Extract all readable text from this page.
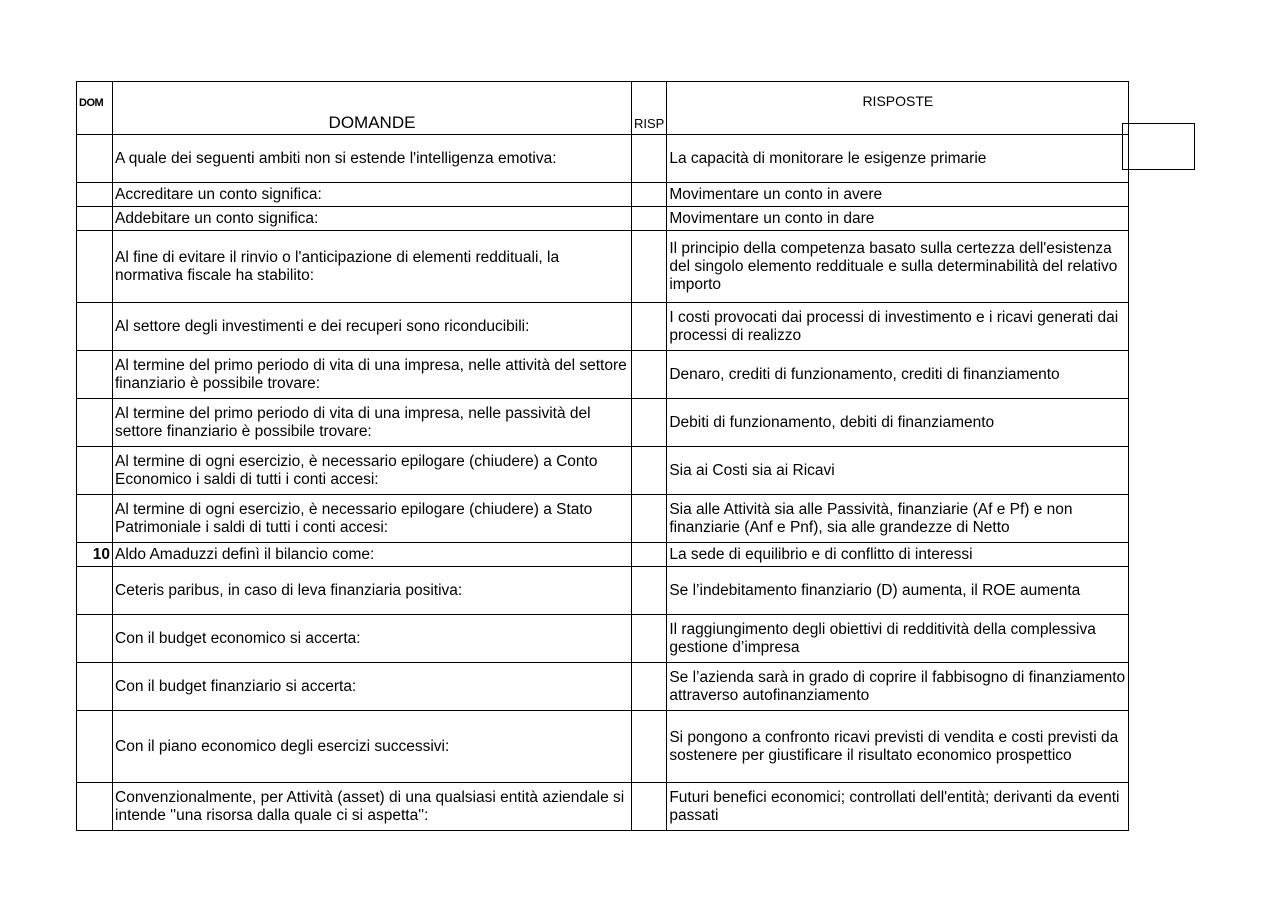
DOM	DOMANDE	RISP	RISPOSTE
	A quale dei seguenti ambiti non si estende l'intelligenza emotiva:		La capacità di monitorare le esigenze primarie
	Accreditare un conto significa:		Movimentare un conto in avere
	Addebitare un conto significa:		Movimentare un conto in dare
	Al fine di evitare il rinvio o l'anticipazione di elementi reddituali, la normativa fiscale ha stabilito:		Il principio della competenza basato sulla certezza dell'esistenza del singolo elemento reddituale e sulla determinabilità del relativo importo
	Al settore degli investimenti e dei recuperi sono riconducibili:		I costi provocati dai processi di investimento e i ricavi generati dai processi di realizzo
	Al termine del primo periodo di vita di una impresa, nelle attività del settore finanziario è possibile trovare:		Denaro, crediti di funzionamento, crediti di finanziamento
	Al termine del primo periodo di vita di una impresa, nelle passività del settore finanziario è possibile trovare:		Debiti di funzionamento, debiti di finanziamento
	Al termine di ogni esercizio, è necessario epilogare (chiudere) a Conto Economico i saldi di tutti i conti accesi:		Sia ai Costi sia ai Ricavi
	Al termine di ogni esercizio, è necessario epilogare (chiudere) a Stato Patrimoniale i saldi di tutti i conti accesi:		Sia alle Attività sia alle Passività, finanziarie (Af e Pf) e non finanziarie (Anf e Pnf), sia alle grandezze di Netto
10	Aldo Amaduzzi definì il bilancio come:		La sede di equilibrio e di conflitto di interessi
	Ceteris paribus, in caso di leva finanziaria positiva:		Se l’indebitamento finanziario (D) aumenta, il ROE aumenta
	Con il budget economico si accerta:		Il raggiungimento degli obiettivi di redditività della complessiva gestione d’impresa
	Con il budget finanziario si accerta:		Se l’azienda sarà in grado di coprire il fabbisogno di finanziamento attraverso autofinanziamento
	Con il piano economico degli esercizi successivi:		Si pongono a confronto ricavi previsti di vendita e costi previsti da sostenere per giustificare il risultato economico prospettico
	Convenzionalmente, per Attività (asset) di una qualsiasi entità aziendale si intende ''una risorsa dalla quale ci si aspetta'':		Futuri benefici economici; controllati dell'entità; derivanti da eventi passati
